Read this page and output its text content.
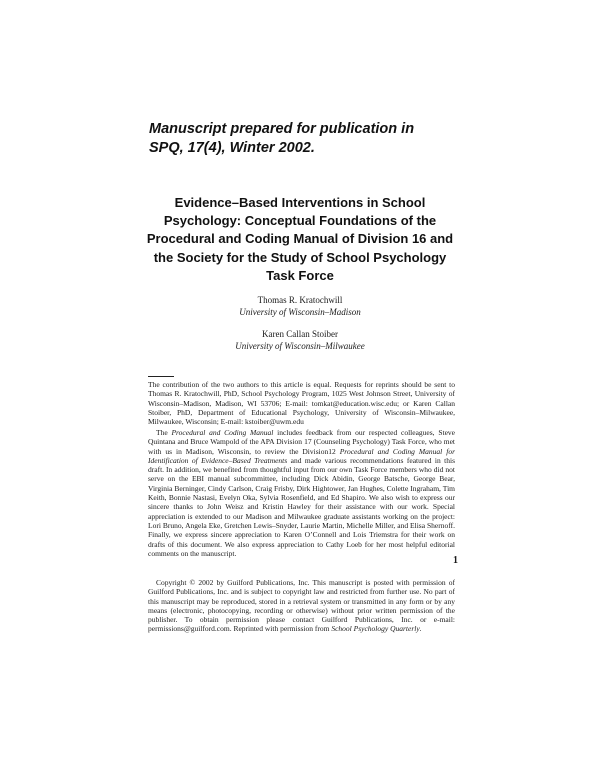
Manuscript prepared for publication in
SPQ, 17(4), Winter 2002.
Evidence–Based Interventions in School
Psychology: Conceptual Foundations of the
Procedural and Coding Manual of Division 16 and
the Society for the Study of School Psychology
Task Force
Thomas R. Kratochwill
University of Wisconsin–Madison
Karen Callan Stoiber
University of Wisconsin–Milwaukee

The contribution of the two authors to this article is equal. Requests for reprints should be sent to Thomas R. Kratochwill, PhD, School Psychology Program, 1025 West Johnson Street, University of Wisconsin–Madison, Madison, WI 53706; E-mail: tomkat@education.wisc.edu; or Karen Callan Stoiber, PhD, Department of Educational Psychology, University of Wisconsin–Milwaukee, Milwaukee, Wisconsin; E-mail: kstoiber@uwm.edu

The Procedural and Coding Manual includes feedback from our respected colleagues, Steve Quintana and Bruce Wampold of the APA Division 17 (Counseling Psychology) Task Force, who met with us in Madison, Wisconsin, to review the Division12 Procedural and Coding Manual for Identification of Evidence–Based Treatments and made various recommendations featured in this draft. In addition, we benefited from thoughtful input from our own Task Force members who did not serve on the EBI manual subcommittee, including Dick Abidin, George Batsche, George Bear, Virginia Berninger, Cindy Carlson, Craig Frisby, Dirk Hightower, Jan Hughes, Colette Ingraham, Tim Keith, Bonnie Nastasi, Evelyn Oka, Sylvia Rosenfield, and Ed Shapiro. We also wish to express our sincere thanks to John Weisz and Kristin Hawley for their assistance with our work. Special appreciation is extended to our Madison and Milwaukee graduate assistants working on the project: Lori Bruno, Angela Eke, Gretchen Lewis–Snyder, Laurie Martin, Michelle Miller, and Elisa Shernoff. Finally, we express sincere appreciation to Karen O’Connell and Lois Triemstra for their work on drafts of this document. We also express appreciation to Cathy Loeb for her most helpful editorial comments on the manuscript.

Copyright © 2002 by Guilford Publications, Inc. This manuscript is posted with permission of Guilford Publications, Inc. and is subject to copyright law and restricted from further use. No part of this manuscript may be reproduced, stored in a retrieval system or transmitted in any form or by any means (electronic, photocopying, recording or otherwise) without prior written permission of the publisher. To obtain permission please contact Guilford Publications, Inc. or e-mail: permissions@guilford.com. Reprinted with permission from School Psychology Quarterly.

1
